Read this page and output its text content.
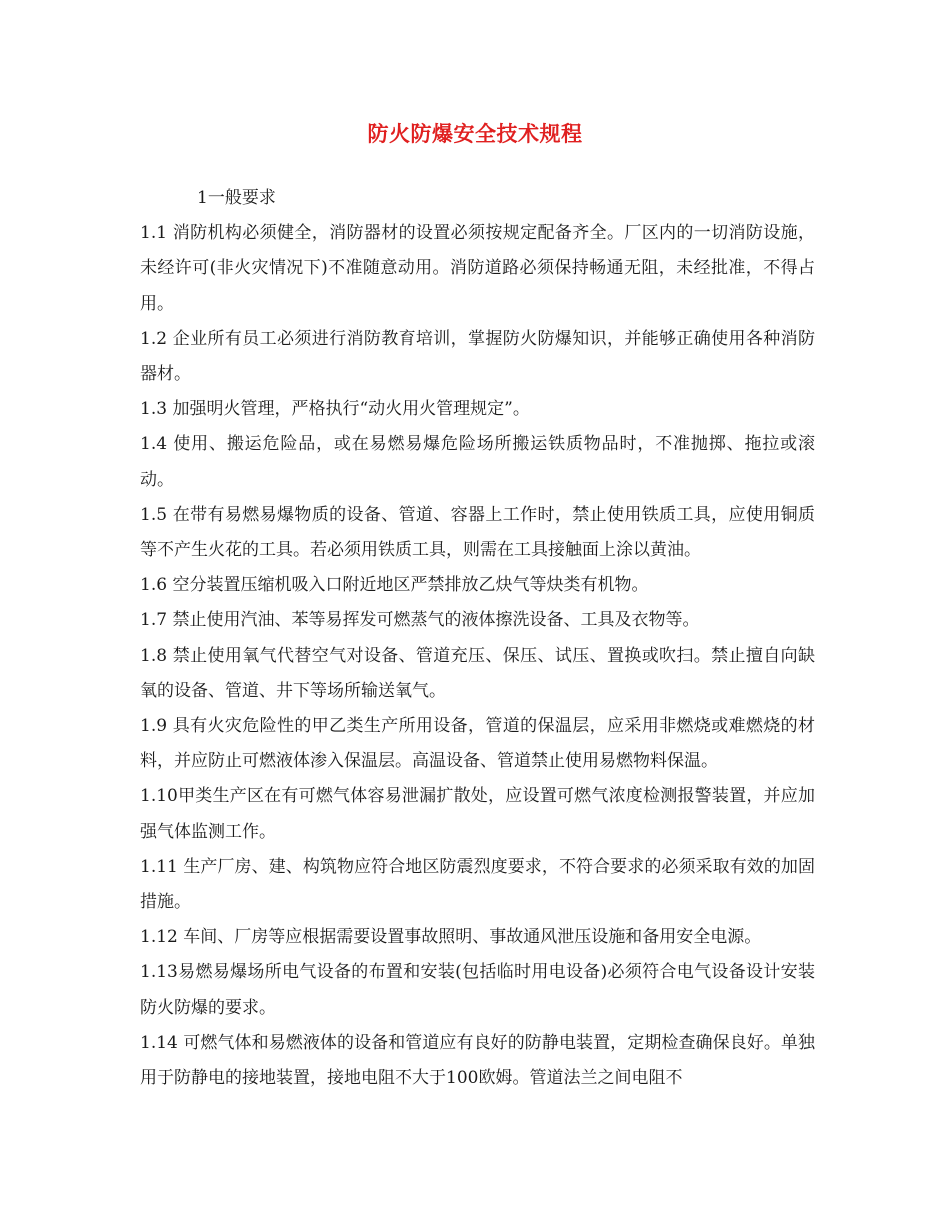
防火防爆安全技术规程

1一般要求

1.1 消防机构必须健全，消防器材的设置必须按规定配备齐全。厂区内的一切消防设施，未经许可(非火灾情况下)不准随意动用。消防道路必须保持畅通无阻，未经批准，不得占用。

1.2 企业所有员工必须进行消防教育培训，掌握防火防爆知识，并能够正确使用各种消防器材。

1.3 加强明火管理，严格执行“动火用火管理规定”。

1.4 使用、搬运危险品，或在易燃易爆危险场所搬运铁质物品时，不准抛掷、拖拉或滚动。

1.5 在带有易燃易爆物质的设备、管道、容器上工作时，禁止使用铁质工具，应使用铜质等不产生火花的工具。若必须用铁质工具，则需在工具接触面上涂以黄油。

1.6 空分装置压缩机吸入口附近地区严禁排放乙炔气等炔类有机物。

1.7 禁止使用汽油、苯等易挥发可燃蒸气的液体擦洗设备、工具及衣物等。

1.8 禁止使用氧气代替空气对设备、管道充压、保压、试压、置换或吹扫。禁止擅自向缺氧的设备、管道、井下等场所输送氧气。

1.9 具有火灾危险性的甲乙类生产所用设备，管道的保温层，应采用非燃烧或难燃烧的材料，并应防止可燃液体渗入保温层。高温设备、管道禁止使用易燃物料保温。

1.10甲类生产区在有可燃气体容易泄漏扩散处，应设置可燃气浓度检测报警装置，并应加强气体监测工作。

1.11 生产厂房、建、构筑物应符合地区防震烈度要求，不符合要求的必须采取有效的加固措施。

1.12 车间、厂房等应根据需要设置事故照明、事故通风泄压设施和备用安全电源。

1.13易燃易爆场所电气设备的布置和安装(包括临时用电设备)必须符合电气设备设计安装防火防爆的要求。

1.14 可燃气体和易燃液体的设备和管道应有良好的防静电装置，定期检查确保良好。单独用于防静电的接地装置，接地电阻不大于100欧姆。管道法兰之间电阻不
